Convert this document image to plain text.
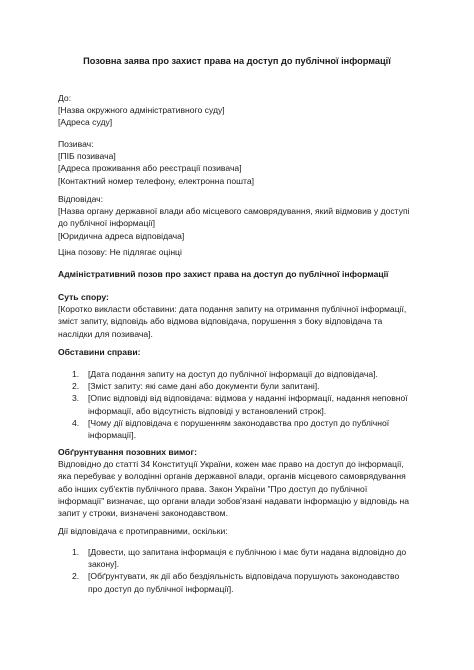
Позовна заява про захист права на доступ до публічної інформації

До:

[Назва окружного адміністративного суду]

[Адреса суду]

Позивач:

[ПІБ позивача]

[Адреса проживання або реєстрації позивача]

[Контактний номер телефону, електронна пошта]

Відповідач:

[Назва органу державної влади або місцевого самоврядування, який відмовив у доступі

до публічної інформації]

[Юридична адреса відповідача]

Ціна позову: Не підлягає оцінці
Адміністративний позов про захист права на доступ до публічної інформації

Суть спору:

[Коротко викласти обставини: дата подання запиту на отримання публічної інформації,

зміст запиту, відповідь або відмова відповідача, порушення з боку відповідача та

наслідки для позивача].

Обставини справи:

1. [Дата подання запиту на доступ до публічної інформації до відповідача].

2. [Зміст запиту: які саме дані або документи були запитані].

3. [Опис відповіді від відповідача: відмова у наданні інформації, надання неповної

інформації, або відсутність відповіді у встановлений строк].

4. [Чому дії відповідача є порушенням законодавства про доступ до публічної

інформації].

Обґрунтування позовних вимог:

Відповідно до статті 34 Конституції України, кожен має право на доступ до інформації,

яка перебуває у володінні органів державної влади, органів місцевого самоврядування

або інших суб'єктів публічного права. Закон України "Про доступ до публічної

інформації" визначає, що органи влади зобов'язані надавати інформацію у відповідь на

запит у строки, визначені законодавством.

Дії відповідача є протиправними, оскільки:
1. [Довести, що запитана інформація є публічною і має бути надана відповідно до

закону].

2. [Обґрунтувати, як дії або бездіяльність відповідача порушують законодавство

про доступ до публічної інформації].
